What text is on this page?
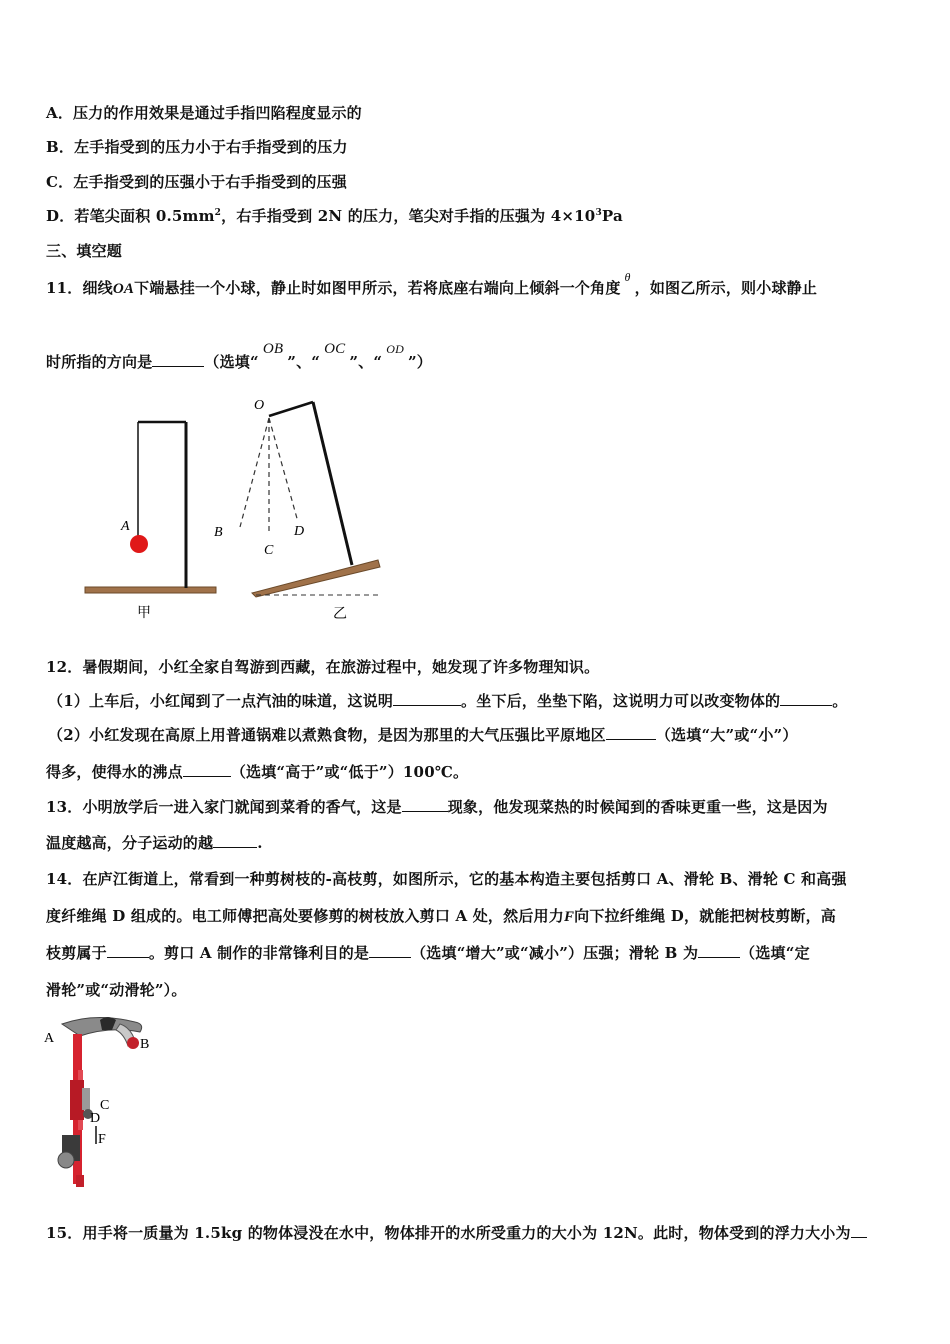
A．压力的作用效果是通过手指凹陷程度显示的
B．左手指受到的压力小于右手指受到的压力
C．左手指受到的压强小于右手指受到的压强
D．若笔尖面积 $0.5mm^2$，右手指受到 2N 的压力，笔尖对手指的压强为 $4\times 10^3Pa$
三、填空题
11．细线OA下端悬挂一个小球，静止时如图甲所示，若将底座右端向上倾斜一个角度$^\theta$，如图乙所示，则小球静止
时所指的方向是	（选填“OB”、“OC”、“$^{OD}$”）
A
甲
O
B
C
D
乙
12．暑假期间，小红全家自驾游到西藏，在旅游过程中，她发现了许多物理知识。
（1）上车后，小红闻到了一点汽油的味道，这说明	。坐下后，坐垫下陷，这说明力可以改变物体的	。
（2）小红发现在高原上用普通锅难以煮熟食物，是因为那里的大气压强比平原地区	（选填“大”或“小”）
得多，使得水的沸点	（选填“高于”或“低于”）100℃。
13．小明放学后一进入家门就闻到菜肴的香气，这是	现象，他发现菜热的时候闻到的香味更重一些，这是因为
温度越高，分子运动的越	.
14．在庐江街道上，常看到一种剪树枝的-高枝剪，如图所示，它的基本构造主要包括剪口 A、滑轮 B、滑轮 C 和高强
度纤维绳 D 组成的。电工师傅把高处要修剪的树枝放入剪口 A 处，然后用力F向下拉纤维绳 D，就能把树枝剪断，高
枝剪属于	。剪口 A 制作的非常锋利目的是	（选填“增大”或“减小”）压强；滑轮 B 为	（选填“定
滑轮”或“动滑轮”）。
A	B
C
D
F
15．用手将一质量为 1.5kg 的物体浸没在水中，物体排开的水所受重力的大小为 12N。此时，物体受到的浮力大小为
